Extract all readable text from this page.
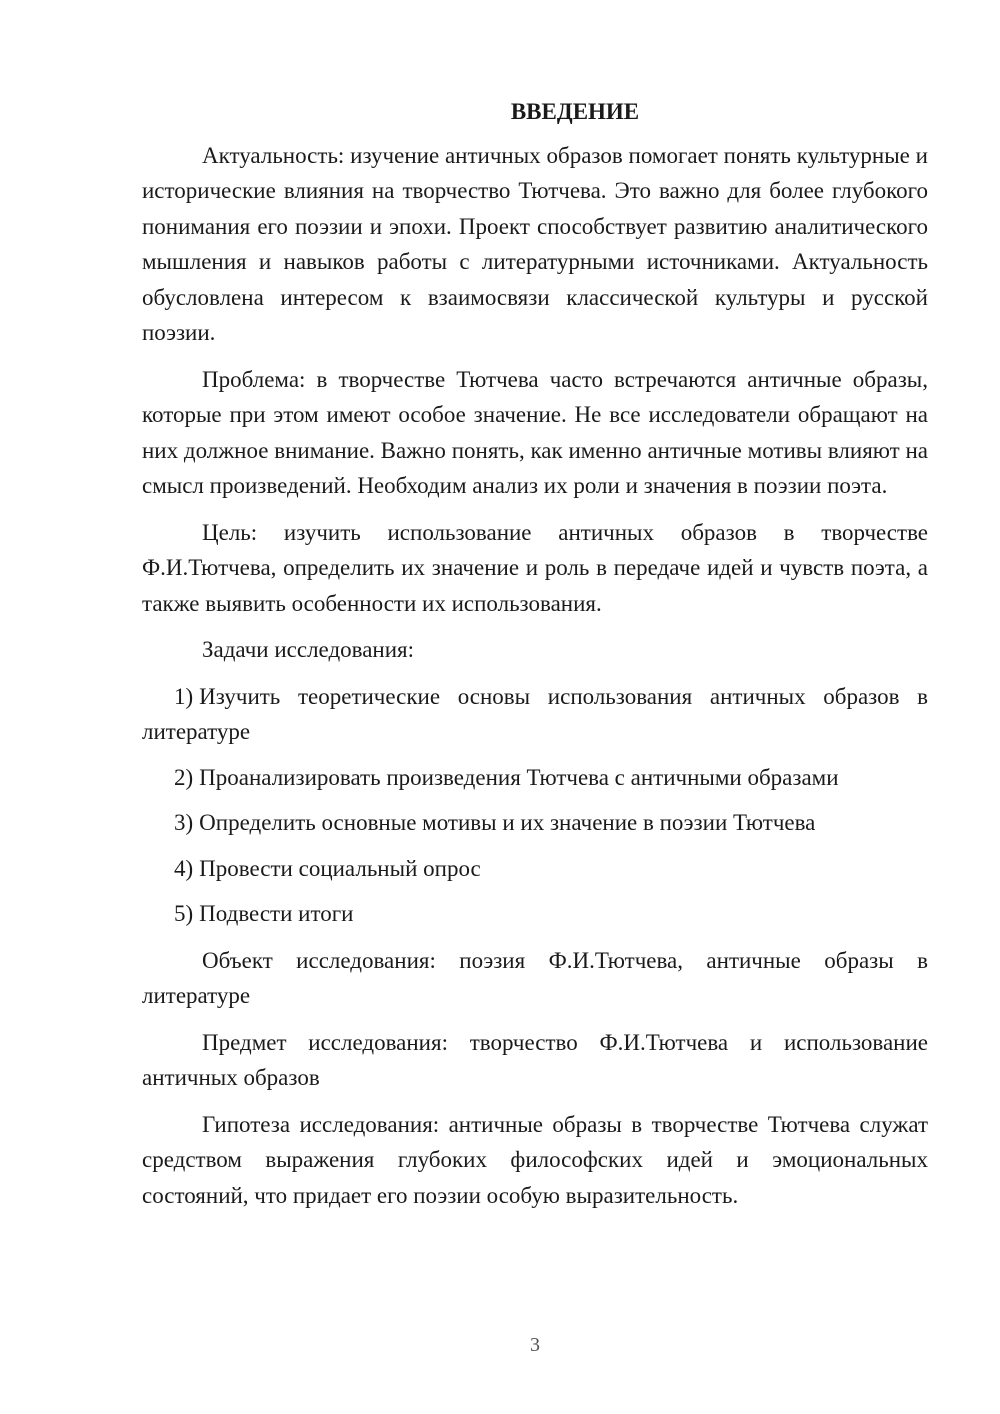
ВВЕДЕНИЕ

Актуальность: изучение античных образов помогает понять культурные и исторические влияния на творчество Тютчева. Это важно для более глубокого понимания его поэзии и эпохи. Проект способствует развитию аналитического мышления и навыков работы с литературными источниками. Актуальность обусловлена интересом к взаимосвязи классической культуры и русской поэзии.

Проблема: в творчестве Тютчева часто встречаются античные образы, которые при этом имеют особое значение. Не все исследователи обращают на них должное внимание. Важно понять, как именно античные мотивы влияют на смысл произведений. Необходим анализ их роли и значения в поэзии поэта.

Цель: изучить использование античных образов в творчестве Ф.И.Тютчева, определить их значение и роль в передаче идей и чувств поэта, а также выявить особенности их использования.

Задачи исследования:

1) Изучить теоретические основы использования античных образов в литературе
2) Проанализировать произведения Тютчева с античными образами
3) Определить основные мотивы и их значение в поэзии Тютчева
4) Провести социальный опрос
5) Подвести итоги

Объект исследования: поэзия Ф.И.Тютчева, античные образы в литературе

Предмет исследования: творчество Ф.И.Тютчева и использование античных образов

Гипотеза исследования: античные образы в творчестве Тютчева служат средством выражения глубоких философских идей и эмоциональных состояний, что придает его поэзии особую выразительность.

3
